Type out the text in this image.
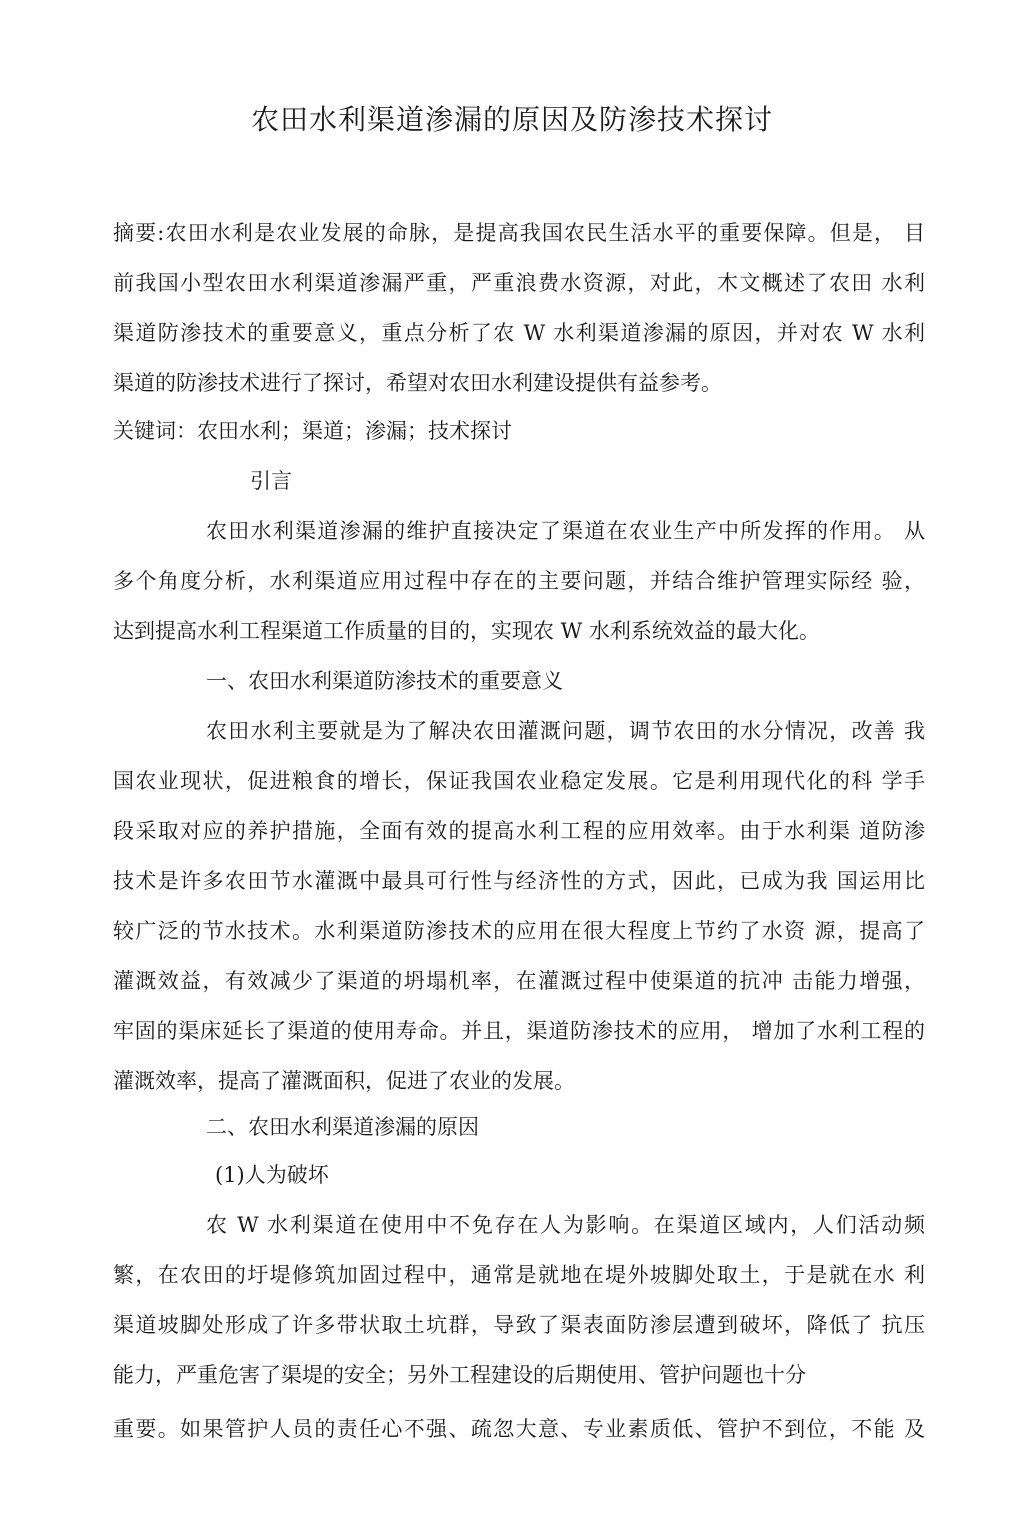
农田水利渠道渗漏的原因及防渗技术探讨
摘要:农田水利是农业发展的命脉，是提高我国农民生活水平的重要保障。但是， 目
前我国小型农田水利渠道渗漏严重，严重浪费水资源，对此，木文概述了农田 水利
渠道防渗技术的重要意义，重点分析了农 W 水利渠道渗漏的原因，并对农 W 水利
渠道的防渗技术进行了探讨，希望对农田水利建设提供有益参考。
关键词：农田水利；渠道；渗漏；技术探讨
引言
农田水利渠道渗漏的维护直接决定了渠道在农业生产中所发挥的作用。 从
多个角度分析，水利渠道应用过程中存在的主要问题，并结合维护管理实际经 验，
达到提高水利工程渠道工作质量的目的，实现农 W 水利系统效益的最大化。
一、农田水利渠道防渗技术的重要意义
农田水利主要就是为了解决农田灌溉问题，调节农田的水分情况，改善 我
国农业现状，促进粮食的增长，保证我国农业稳定发展。它是利用现代化的科 学手
段采取对应的养护措施，全面有效的提高水利工程的应用效率。由于水利渠 道防渗
技术是许多农田节水灌溉中最具可行性与经济性的方式，因此，已成为我 国运用比
较广泛的节水技术。水利渠道防渗技术的应用在很大程度上节约了水资 源，提高了
灌溉效益，有效减少了渠道的坍塌机率，在灌溉过程中使渠道的抗冲 击能力增强，
牢固的渠床延长了渠道的使用寿命。并且，渠道防渗技术的应用， 增加了水利工程的
灌溉效率，提高了灌溉面积，促进了农业的发展。
二、农田水利渠道渗漏的原因
(1)人为破坏
农 W 水利渠道在使用中不免存在人为影响。在渠道区域内，人们活动频
繁，在农田的圩堤修筑加固过程中，通常是就地在堤外坡脚处取土，于是就在水 利
渠道坡脚处形成了许多带状取土坑群，导致了渠表面防渗层遭到破坏，降低了 抗压
能力，严重危害了渠堤的安全；另外工程建设的后期使用、管护问题也十分
重要。如果管护人员的责任心不强、疏忽大意、专业素质低、管护不到位，不能 及
